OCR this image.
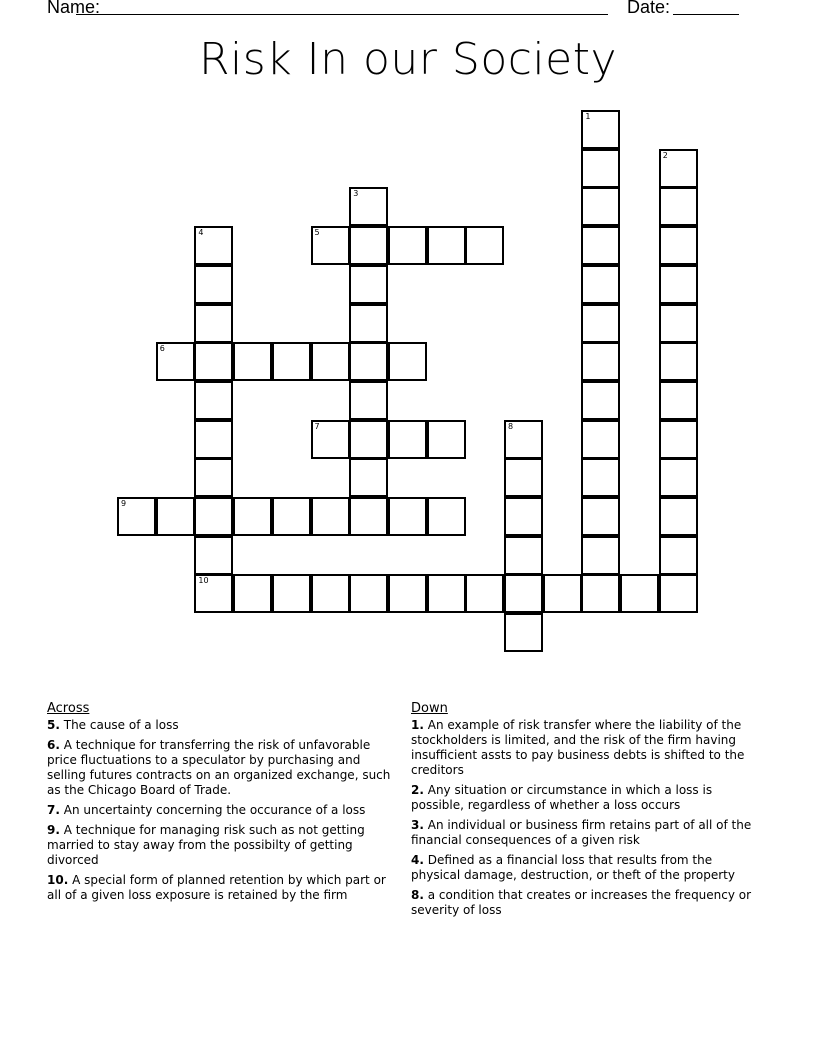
Name:	Date:
Risk In our Society
1
2
3
4
10
5
6
7	8
9
Across
5. The cause of a loss
6. A technique for transferring the risk of unfavorable price fluctuations to a speculator by purchasing and selling futures contracts on an organized exchange, such as the Chicago Board of Trade.
7. An uncertainty concerning the occurance of a loss
9. A technique for managing risk such as not getting married to stay away from the possibilty of getting divorced
10. A special form of planned retention by which part or all of a given loss exposure is retained by the firm
Down
1. An example of risk transfer where the liability of the stockholders is limited, and the risk of the firm having insufficient assts to pay business debts is shifted to the creditors
2. Any situation or circumstance in which a loss is possible, regardless of whether a loss occurs
3. An individual or business firm retains part of all of the financial consequences of a given risk
4. Defined as a financial loss that results from the physical damage, destruction, or theft of the property
8. a condition that creates or increases the frequency or severity of loss
